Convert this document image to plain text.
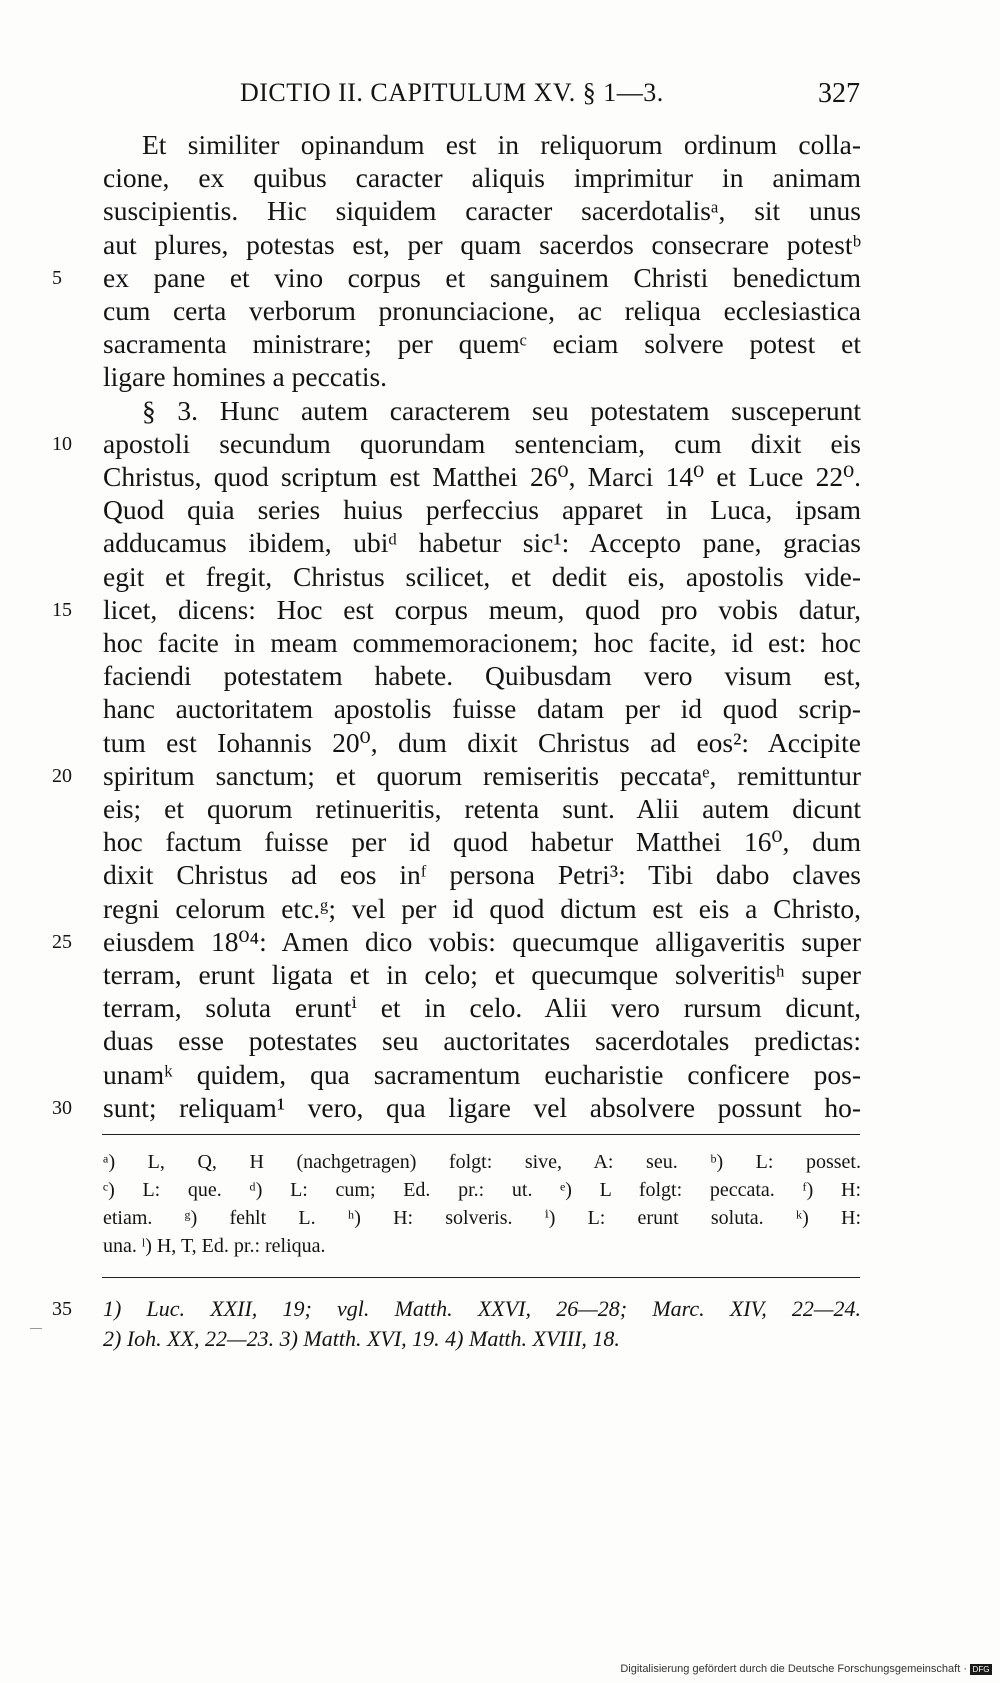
DICTIO II. CAPITULUM XV. § 1—3.	327
Et similiter opinandum est in reliquorum ordinum colla-
cione, ex quibus caracter aliquis imprimitur in animam
suscipientis. Hic siquidem caracter sacerdotalisᵃ, sit unus
aut plures, potestas est, per quam sacerdos consecrare potestᵇ
ex pane et vino corpus et sanguinem Christi benedictum
5
cum certa verborum pronunciacione, ac reliqua ecclesiastica
sacramenta ministrare; per quemᶜ eciam solvere potest et
ligare homines a peccatis.
§ 3. Hunc autem caracterem seu potestatem susceperunt
apostoli secundum quorundam sentenciam, cum dixit eis
10
Christus, quod scriptum est Matthei 26⁰, Marci 14⁰ et Luce 22⁰.
Quod quia series huius perfeccius apparet in Luca, ipsam
adducamus ibidem, ubiᵈ habetur sic¹: Accepto pane, gracias
egit et fregit, Christus scilicet, et dedit eis, apostolis vide-
licet, dicens: Hoc est corpus meum, quod pro vobis datur,
15
hoc facite in meam commemoracionem; hoc facite, id est: hoc
faciendi potestatem habete. Quibusdam vero visum est,
hanc auctoritatem apostolis fuisse datam per id quod scrip-
tum est Iohannis 20⁰, dum dixit Christus ad eos²: Accipite
spiritum sanctum; et quorum remiseritis peccataᵉ, remittuntur
20
eis; et quorum retinueritis, retenta sunt. Alii autem dicunt
hoc factum fuisse per id quod habetur Matthei 16⁰, dum
dixit Christus ad eos inᶠ persona Petri³: Tibi dabo claves
regni celorum etc.ᵍ; vel per id quod dictum est eis a Christo,
eiusdem 18⁰⁴: Amen dico vobis: quecumque alligaveritis super
25
terram, erunt ligata et in celo; et quecumque solveritisʰ super
terram, soluta eruntⁱ et in celo. Alii vero rursum dicunt,
duas esse potestates seu auctoritates sacerdotales predictas:
unamᵏ quidem, qua sacramentum eucharistie conficere pos-
sunt; reliquam¹ vero, qua ligare vel absolvere possunt ho-
30
ᵃ) L, Q, H (nachgetragen) folgt: sive, A: seu. ᵇ) L: posset.
ᶜ) L: que. ᵈ) L: cum; Ed. pr.: ut. ᵉ) L folgt: peccata. ᶠ) H:
etiam. ᵍ) fehlt L. ʰ) H: solveris. ⁱ) L: erunt soluta. ᵏ) H:
una. ˡ) H, T, Ed. pr.: reliqua.
35	1) Luc. XXII, 19; vgl. Matth. XXVI, 26—28; Marc. XIV, 22—24.
2) Ioh. XX, 22—23. 3) Matth. XVI, 19. 4) Matth. XVIII, 18.
Digitalisierung gefördert durch die Deutsche Forschungsgemeinschaft · DFG
